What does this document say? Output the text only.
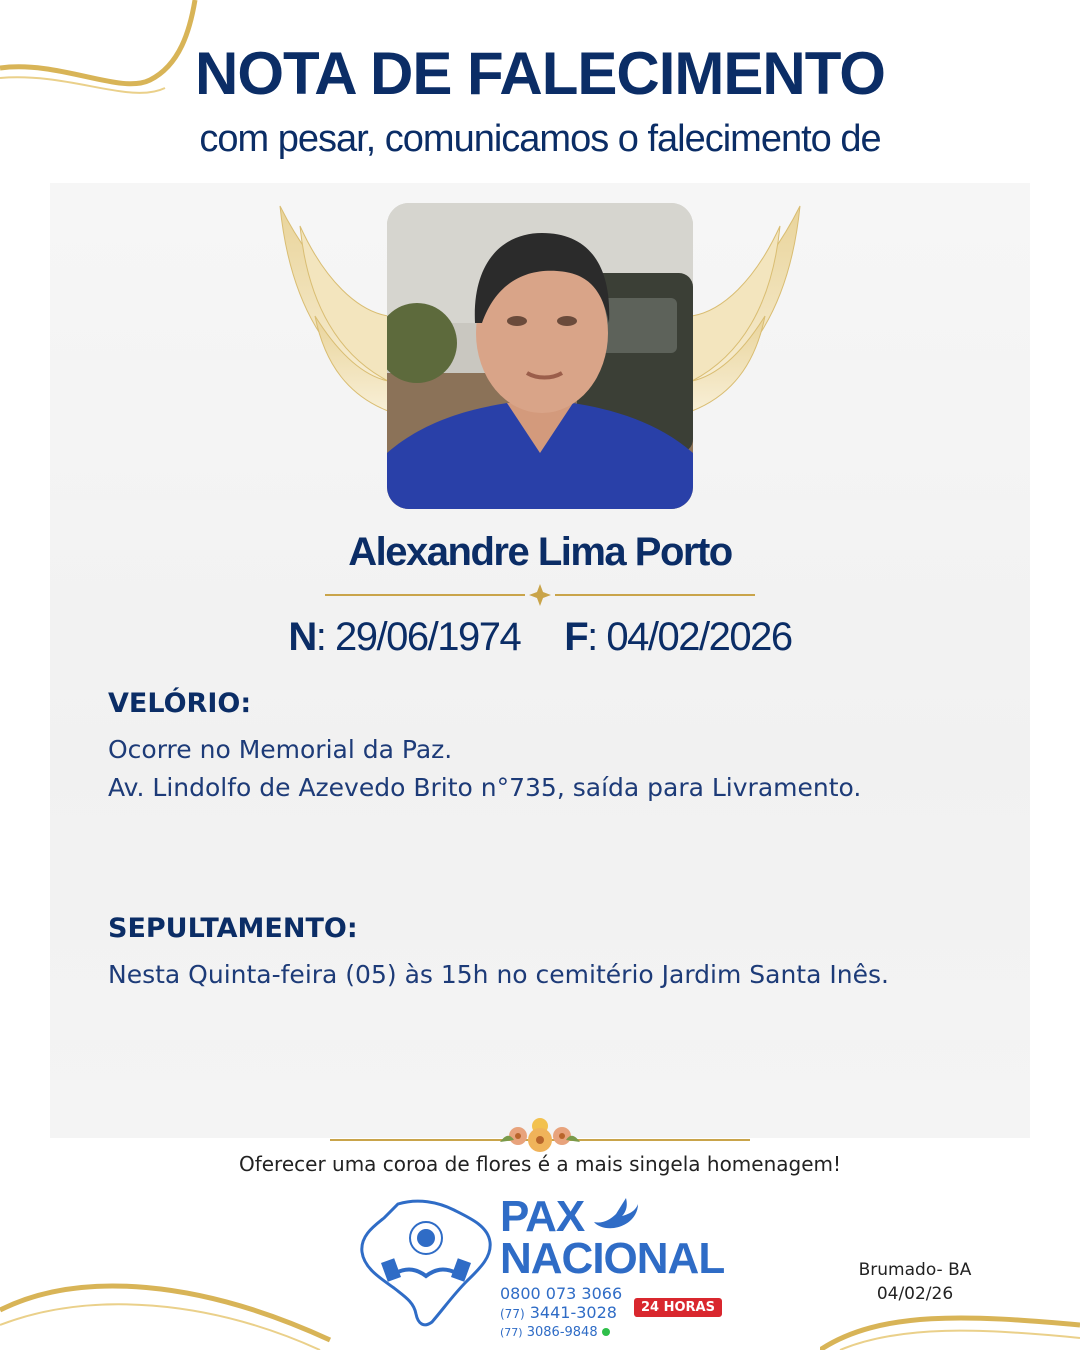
NOTA DE FALECIMENTO
com pesar, comunicamos o falecimento de
Alexandre Lima Porto
N: 29/06/1974 F: 04/02/2026
VELÓRIO:
Ocorre no Memorial da Paz.
Av. Lindolfo de Azevedo Brito n°735, saída para Livramento.
SEPULTAMENTO:
Nesta Quinta-feira (05) às 15h no cemitério Jardim Santa Inês.
Oferecer uma coroa de flores é a mais singela homenagem!
PAX
NACIONAL
0800 073 3066
(77) 3441-3028
(77) 3086-9848
24 HORAS
Brumado- BA
04/02/26
